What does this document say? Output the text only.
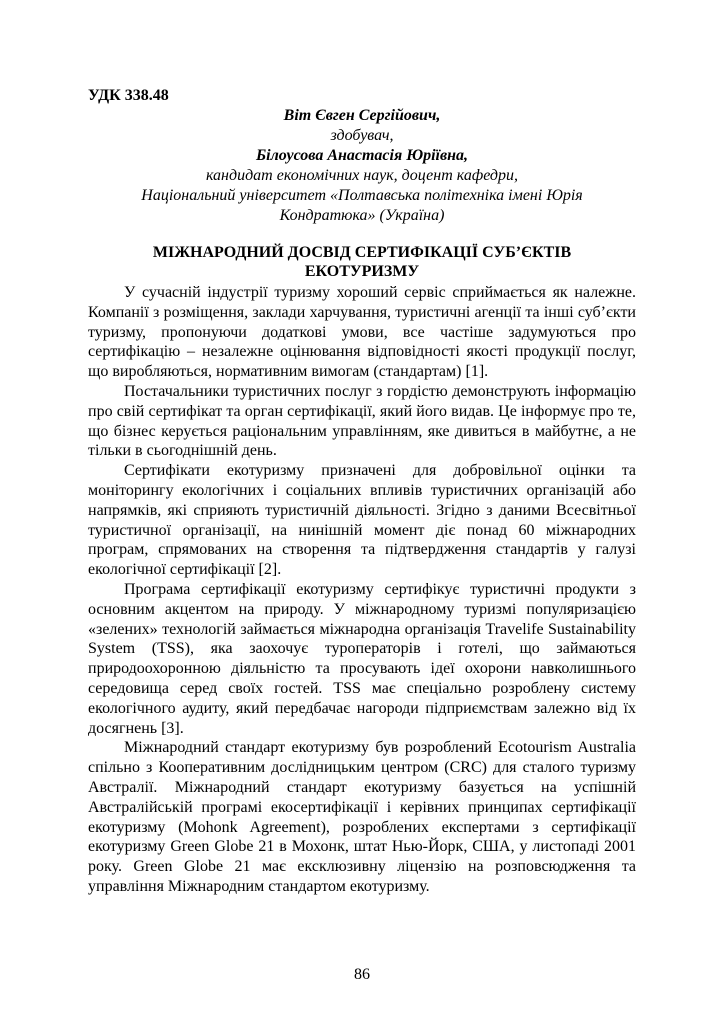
УДК 338.48
Віт Євген Сергійович,
здобувач,
Білоусова Анастасія Юріївна,
кандидат економічних наук, доцент кафедри,
Національний університет «Полтавська політехніка імені Юрія
Кондратюка» (Україна)
МІЖНАРОДНИЙ ДОСВІД СЕРТИФІКАЦІЇ СУБ’ЄКТІВ
ЕКОТУРИЗМУ

У сучасній індустрії туризму хороший сервіс сприймається як належне. Компанії з розміщення, заклади харчування, туристичні агенції та інші суб’єкти туризму, пропонуючи додаткові умови, все частіше задумуються про сертифікацію – незалежне оцінювання відповідності якості продукції послуг, що виробляються, нормативним вимогам (стандартам) [1].

Постачальники туристичних послуг з гордістю демонструють інформацію про свій сертифікат та орган сертифікації, який його видав. Це інформує про те, що бізнес керується раціональним управлінням, яке дивиться в майбутнє, а не тільки в сьогоднішній день.

Сертифікати екотуризму призначені для добровільної оцінки та моніторингу екологічних і соціальних впливів туристичних організацій або напрямків, які сприяють туристичній діяльності. Згідно з даними Всесвітньої туристичної організації, на нинішній момент діє понад 60 міжнародних програм, спрямованих на створення та підтвердження стандартів у галузі екологічної сертифікації [2].

Програма сертифікації екотуризму сертифікує туристичні продукти з основним акцентом на природу. У міжнародному туризмі популяризацією «зелених» технологій займається міжнародна організація Travelife Sustainability System (TSS), яка заохочує туроператорів і готелі, що займаються природоохоронною діяльністю та просувають ідеї охорони навколишнього середовища серед своїх гостей. TSS має спеціально розроблену систему екологічного аудиту, який передбачає нагороди підприємствам залежно від їх досягнень [3].

Міжнародний стандарт екотуризму був розроблений Ecotourism Australia спільно з Кооперативним дослідницьким центром (CRC) для сталого туризму Австралії. Міжнародний стандарт екотуризму базується на успішній Австралійській програмі екосертифікації і керівних принципах сертифікації екотуризму (Mohonk Agreement), розроблених експертами з сертифікації екотуризму Green Globe 21 в Мохонк, штат Нью-Йорк, США, у листопаді 2001 року. Green Globe 21 має ексклюзивну ліцензію на розповсюдження та управління Міжнародним стандартом екотуризму.

86
